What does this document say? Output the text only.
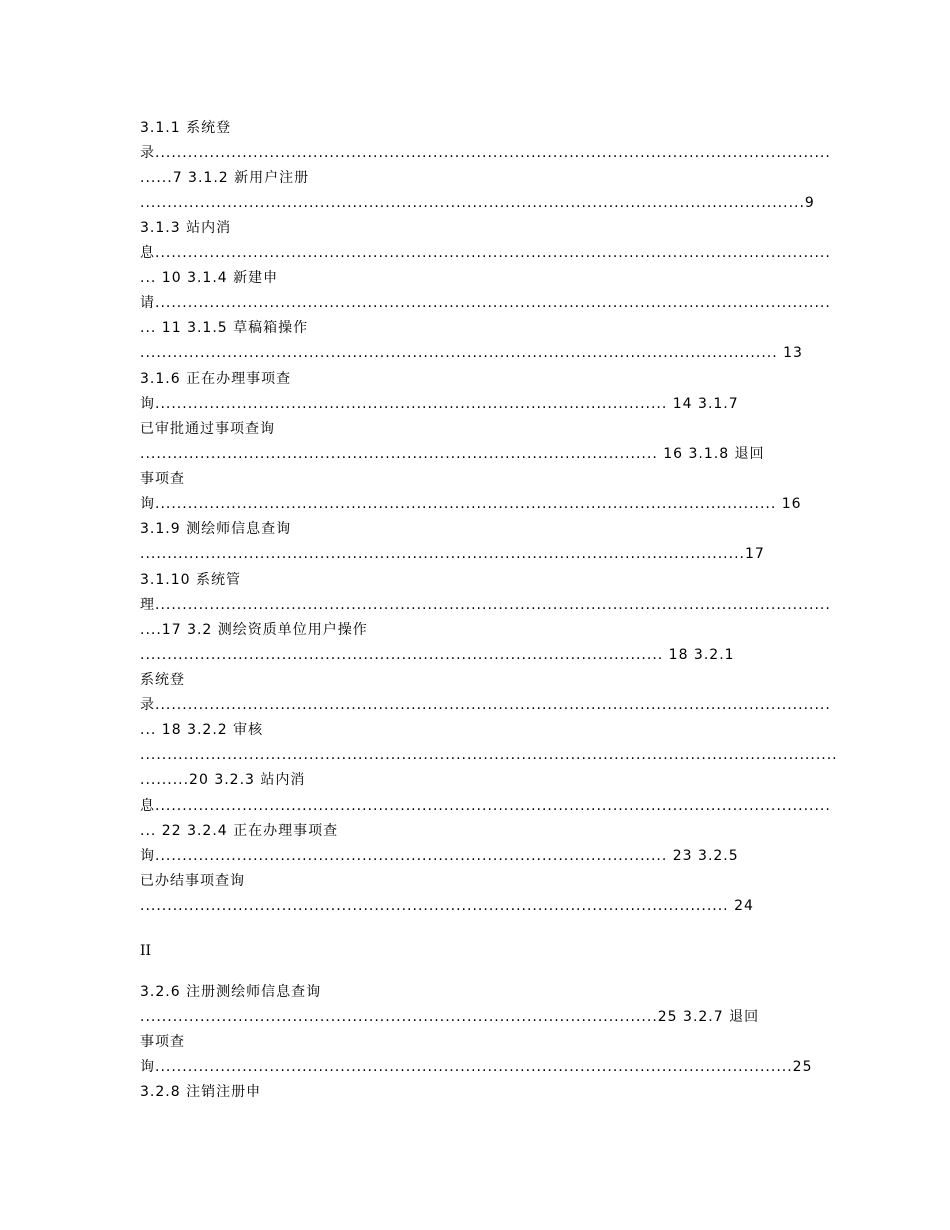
3.1.1 系统登
录............................................................................................................................
......7 3.1.2 新用户注册
..........................................................................................................................9
3.1.3 站内消
息............................................................................................................................
... 10 3.1.4 新建申
请............................................................................................................................
... 11 3.1.5 草稿箱操作
..................................................................................................................... 13
3.1.6 正在办理事项查
询.............................................................................................. 14 3.1.7
已审批通过事项查询
............................................................................................... 16 3.1.8 退回
事项查
询.................................................................................................................. 16
3.1.9 测绘师信息查询
...............................................................................................................17
3.1.10 系统管
理............................................................................................................................
....17 3.2 测绘资质单位用户操作
................................................................................................ 18 3.2.1
系统登
录............................................................................................................................
... 18 3.2.2 审核
................................................................................................................................
.........20 3.2.3 站内消
息............................................................................................................................
... 22 3.2.4 正在办理事项查
询.............................................................................................. 23 3.2.5
已办结事项查询
............................................................................................................ 24
II
3.2.6 注册测绘师信息查询
...............................................................................................25 3.2.7 退回
事项查
询.....................................................................................................................25
3.2.8 注销注册申
